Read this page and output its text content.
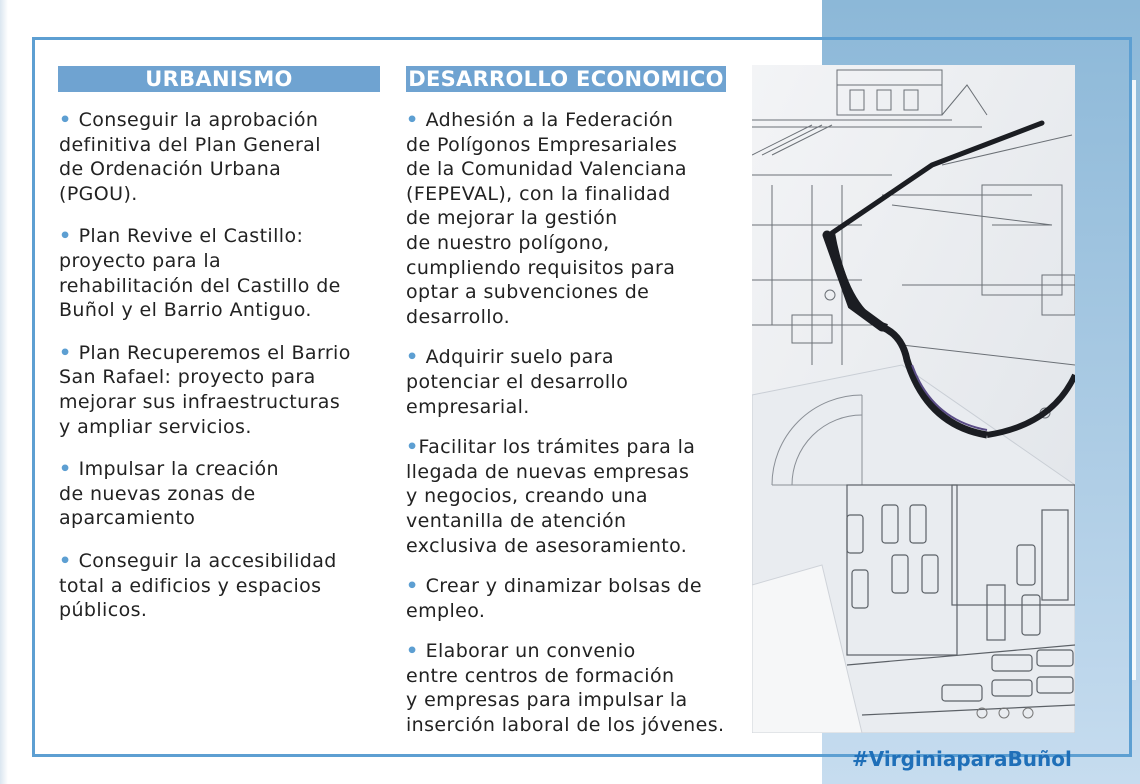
URBANISMO	DESARROLLO ECONOMICO

• Conseguir la aprobación
definitiva del Plan General
de Ordenación Urbana
(PGOU).

• Plan Revive el Castillo:
proyecto para la
rehabilitación del Castillo de
Buñol y el Barrio Antiguo.

• Plan Recuperemos el Barrio
San Rafael: proyecto para
mejorar sus infraestructuras
y ampliar servicios.

• Impulsar la creación
de nuevas zonas de
aparcamiento

• Conseguir la accesibilidad
total a edificios y espacios
públicos.

• Adhesión a la Federación
de Polígonos Empresariales
de la Comunidad Valenciana
(FEPEVAL), con la finalidad
de mejorar la gestión
de nuestro polígono,
cumpliendo requisitos para
optar a subvenciones de
desarrollo.

• Adquirir suelo para
potenciar el desarrollo
empresarial.

•Facilitar los trámites para la
llegada de nuevas empresas
y negocios, creando una
ventanilla de atención
exclusiva de asesoramiento.

• Crear y dinamizar bolsas de
empleo.

• Elaborar un convenio
entre centros de formación
y empresas para impulsar la
inserción laboral de los jóvenes.

#VirginiaparaBuñol
